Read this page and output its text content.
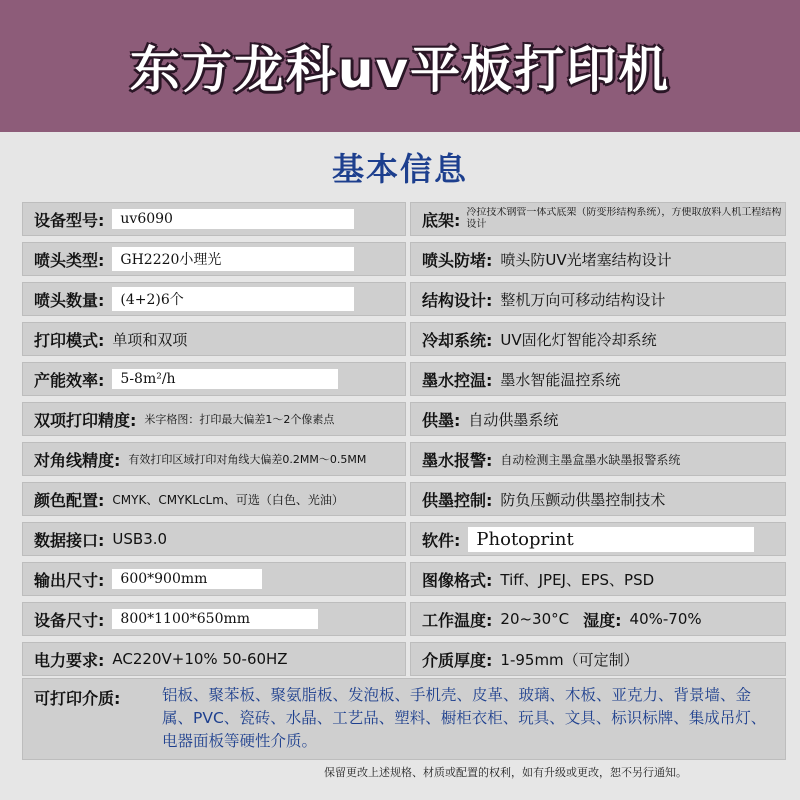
东方龙科uv平板打印机
基本信息
设备型号:	uv6090	底架: 冷拉技术钢管一体式底架（防变形结构系统），方便取放料人机工程结构设计
喷头类型:	GH2220小理光	喷头防堵: 喷头防UV光堵塞结构设计
喷头数量:	(4+2)6个	结构设计: 整机万向可移动结构设计
打印模式: 单项和双项	冷却系统: UV固化灯智能冷却系统
产能效率:	5-8m²/h	墨水控温: 墨水智能温控系统
双项打印精度: 米字格图：打印最大偏差1～2个像素点	供墨: 自动供墨系统
对角线精度: 有效打印区域打印对角线大偏差0.2MM～0.5MM	墨水报警: 自动检测主墨盒墨水缺墨报警系统
颜色配置: CMYK、CMYKLcLm、可选（白色、光油）	供墨控制: 防负压颤动供墨控制技术
数据接口: USB3.0	软件: Photoprint
输出尺寸:	600*900mm	图像格式: Tiff、JPEJ、EPS、PSD
设备尺寸:	800*1100*650mm	工作温度: 20~30°C 湿度: 40%-70%
电力要求: AC220V+10% 50-60HZ	介质厚度: 1-95mm（可定制）
可打印介质:	铝板、聚苯板、聚氨脂板、发泡板、手机壳、皮革、玻璃、木板、亚克力、背景墙、金属、PVC、瓷砖、水晶、工艺品、塑料、橱柜衣柜、玩具、文具、标识标牌、集成吊灯、电器面板等硬性介质。
保留更改上述规格、材质或配置的权利，如有升级或更改，恕不另行通知。
